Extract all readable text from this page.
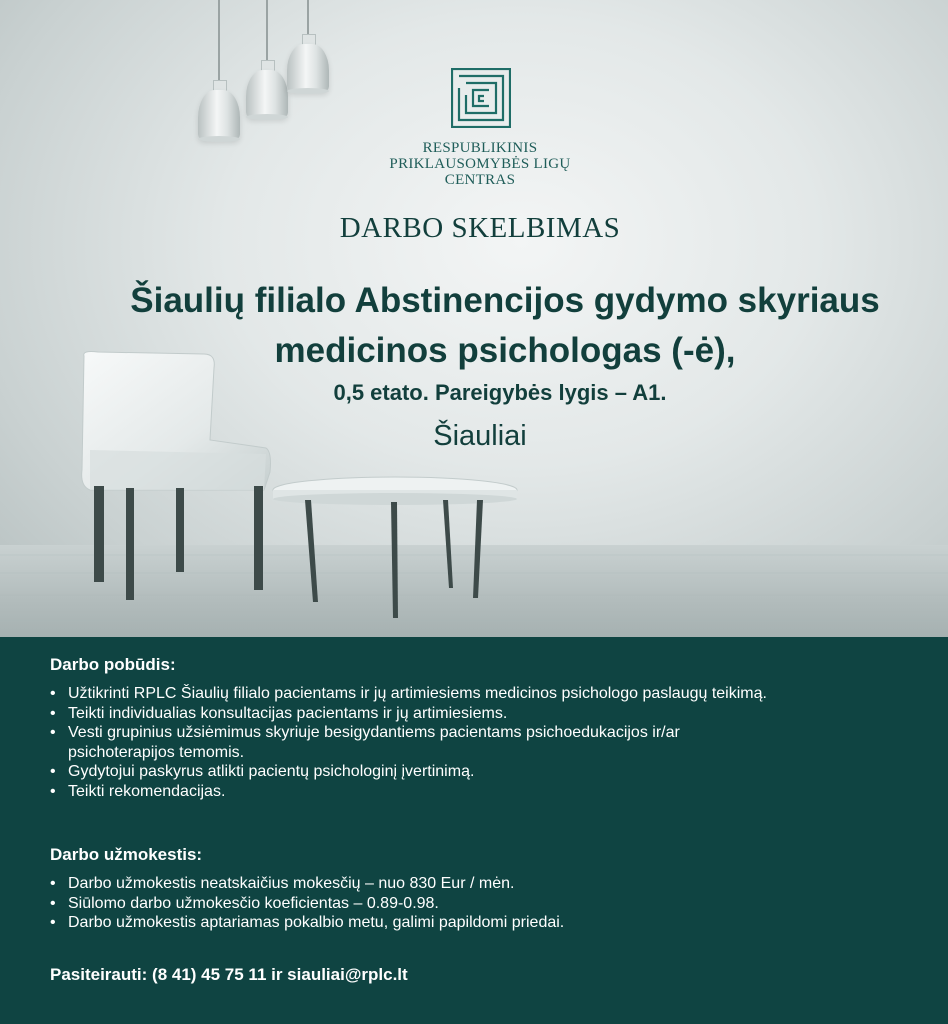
RESPUBLIKINIS
PRIKLAUSOMYBĖS LIGŲ
CENTRAS
DARBO SKELBIMAS
Šiaulių filialo Abstinencijos gydymo skyriaus
medicinos psichologas (-ė),
0,5 etato. Pareigybės lygis – A1.
Šiauliai
Darbo pobūdis:
• Užtikrinti RPLC Šiaulių filialo pacientams ir jų artimiesiems medicinos psichologo paslaugų teikimą.
• Teikti individualias konsultacijas pacientams ir jų artimiesiems.
• Vesti grupinius užsiėmimus skyriuje besigydantiems pacientams psichoedukacijos ir/ar
psichoterapijos temomis.
• Gydytojui paskyrus atlikti pacientų psichologinį įvertinimą.
• Teikti rekomendacijas.
Darbo užmokestis:
• Darbo užmokestis neatskaičius mokesčių – nuo 830 Eur / mėn.
• Siūlomo darbo užmokesčio koeficientas – 0.89-0.98.
• Darbo užmokestis aptariamas pokalbio metu, galimi papildomi priedai.
Pasiteirauti: (8 41) 45 75 11 ir siauliai@rplc.lt
